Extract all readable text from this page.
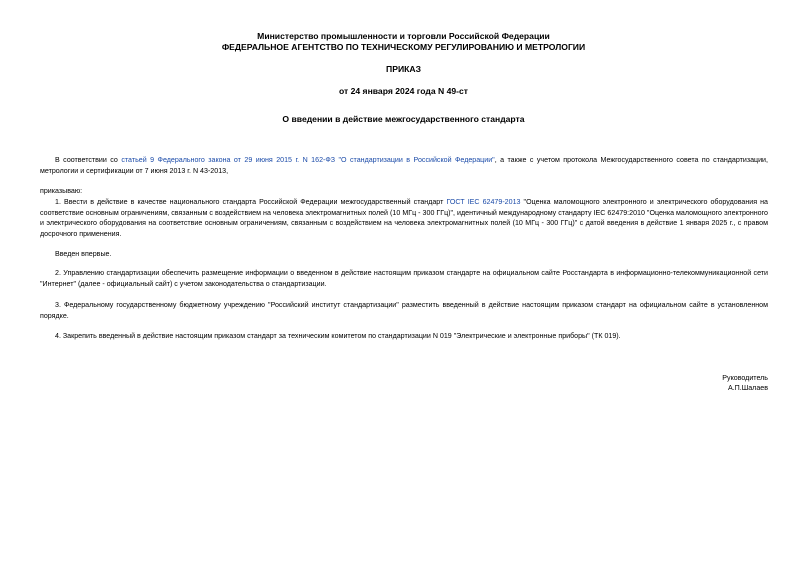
Министерство промышленности и торговли Российской Федерации
ФЕДЕРАЛЬНОЕ АГЕНТСТВО ПО ТЕХНИЧЕСКОМУ РЕГУЛИРОВАНИЮ И МЕТРОЛОГИИ
ПРИКАЗ
от 24 января 2024 года N 49-ст
О введении в действие межгосударственного стандарта
В соответствии со статьей 9 Федерального закона от 29 июня 2015 г. N 162-ФЗ "О стандартизации в Российской Федерации", а также с учетом протокола Межгосударственного совета по стандартизации, метрологии и сертификации от 7 июня 2013 г. N 43-2013,
приказываю:
1. Ввести в действие в качестве национального стандарта Российской Федерации межгосударственный стандарт ГОСТ IEC 62479-2013 "Оценка маломощного электронного и электрического оборудования на соответствие основным ограничениям, связанным с воздействием на человека электромагнитных полей (10 МГц - 300 ГГц)", идентичный международному стандарту IEC 62479:2010 "Оценка маломощного электронного и электрического оборудования на соответствие основным ограничениям, связанным с воздействием на человека электромагнитных полей (10 МГц - 300 ГГц)" с датой введения в действие 1 января 2025 г., с правом досрочного применения.
Введен впервые.
2. Управлению стандартизации обеспечить размещение информации о введенном в действие настоящим приказом стандарте на официальном сайте Росстандарта в информационно-телекоммуникационной сети "Интернет" (далее - официальный сайт) с учетом законодательства о стандартизации.
3. Федеральному государственному бюджетному учреждению "Российский институт стандартизации" разместить введенный в действие настоящим приказом стандарт на официальном сайте в установленном порядке.
4. Закрепить введенный в действие настоящим приказом стандарт за техническим комитетом по стандартизации N 019 "Электрические и электронные приборы" (ТК 019).
Руководитель
А.П.Шалаев
